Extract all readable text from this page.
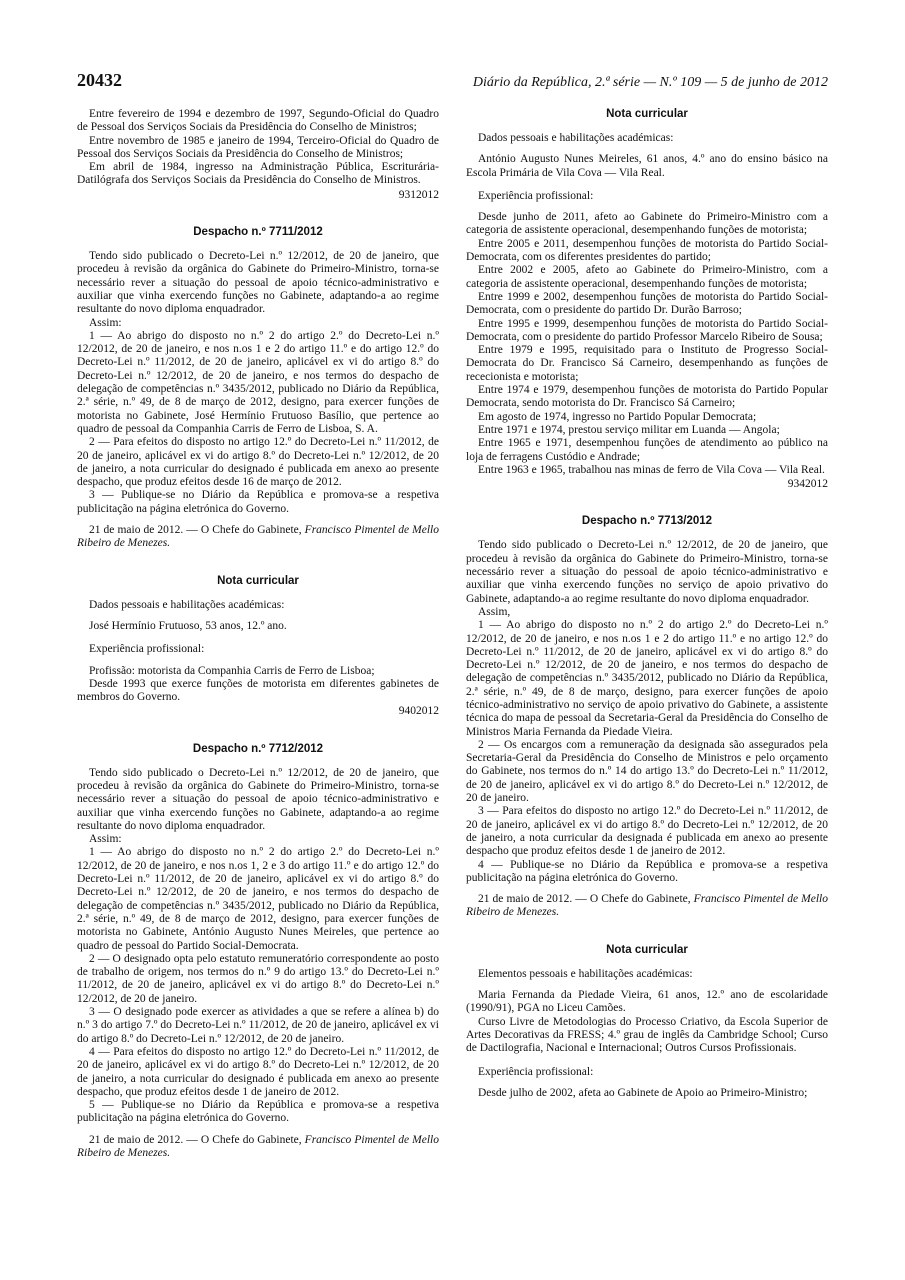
20432	Diário da República, 2.ª série — N.º 109 — 5 de junho de 2012

Entre fevereiro de 1994 e dezembro de 1997, Segundo-Oficial do Quadro de Pessoal dos Serviços Sociais da Presidência do Conselho de Ministros;

Entre novembro de 1985 e janeiro de 1994, Terceiro-Oficial do Quadro de Pessoal dos Serviços Sociais da Presidência do Conselho de Ministros;

Em abril de 1984, ingresso na Administração Pública, Escriturária-Datilógrafa dos Serviços Sociais da Presidência do Conselho de Ministros.

9312012

Despacho n.º 7711/2012

Tendo sido publicado o Decreto-Lei n.º 12/2012, de 20 de janeiro, que procedeu à revisão da orgânica do Gabinete do Primeiro-Ministro, torna-se necessário rever a situação do pessoal de apoio técnico-administrativo e auxiliar que vinha exercendo funções no Gabinete, adaptando-a ao regime resultante do novo diploma enquadrador.

Assim:

1 — Ao abrigo do disposto no n.º 2 do artigo 2.º do Decreto-Lei n.º 12/2012, de 20 de janeiro, e nos n.os 1 e 2 do artigo 11.º e do artigo 12.º do Decreto-Lei n.º 11/2012, de 20 de janeiro, aplicável ex vi do artigo 8.º do Decreto-Lei n.º 12/2012, de 20 de janeiro, e nos termos do despacho de delegação de competências n.º 3435/2012, publicado no Diário da República, 2.ª série, n.º 49, de 8 de março de 2012, designo, para exercer funções de motorista no Gabinete, José Hermínio Frutuoso Basílio, que pertence ao quadro de pessoal da Companhia Carris de Ferro de Lisboa, S. A.

2 — Para efeitos do disposto no artigo 12.º do Decreto-Lei n.º 11/2012, de 20 de janeiro, aplicável ex vi do artigo 8.º do Decreto-Lei n.º 12/2012, de 20 de janeiro, a nota curricular do designado é publicada em anexo ao presente despacho, que produz efeitos desde 16 de março de 2012.

3 — Publique-se no Diário da República e promova-se a respetiva publicitação na página eletrónica do Governo.

21 de maio de 2012. — O Chefe do Gabinete, Francisco Pimentel de Mello Ribeiro de Menezes.

Nota curricular

Dados pessoais e habilitações académicas:

José Hermínio Frutuoso, 53 anos, 12.º ano.

Experiência profissional:

Profissão: motorista da Companhia Carris de Ferro de Lisboa;

Desde 1993 que exerce funções de motorista em diferentes gabinetes de membros do Governo.

9402012

Despacho n.º 7712/2012

Tendo sido publicado o Decreto-Lei n.º 12/2012, de 20 de janeiro, que procedeu à revisão da orgânica do Gabinete do Primeiro-Ministro, torna-se necessário rever a situação do pessoal de apoio técnico-administrativo e auxiliar que vinha exercendo funções no Gabinete, adaptando-a ao regime resultante do novo diploma enquadrador.

Assim:

1 — Ao abrigo do disposto no n.º 2 do artigo 2.º do Decreto-Lei n.º 12/2012, de 20 de janeiro, e nos n.os 1, 2 e 3 do artigo 11.º e do artigo 12.º do Decreto-Lei n.º 11/2012, de 20 de janeiro, aplicável ex vi do artigo 8.º do Decreto-Lei n.º 12/2012, de 20 de janeiro, e nos termos do despacho de delegação de competências n.º 3435/2012, publicado no Diário da República, 2.ª série, n.º 49, de 8 de março de 2012, designo, para exercer funções de motorista no Gabinete, António Augusto Nunes Meireles, que pertence ao quadro de pessoal do Partido Social-Democrata.

2 — O designado opta pelo estatuto remuneratório correspondente ao posto de trabalho de origem, nos termos do n.º 9 do artigo 13.º do Decreto-Lei n.º 11/2012, de 20 de janeiro, aplicável ex vi do artigo 8.º do Decreto-Lei n.º 12/2012, de 20 de janeiro.

3 — O designado pode exercer as atividades a que se refere a alínea b) do n.º 3 do artigo 7.º do Decreto-Lei n.º 11/2012, de 20 de janeiro, aplicável ex vi do artigo 8.º do Decreto-Lei n.º 12/2012, de 20 de janeiro.

4 — Para efeitos do disposto no artigo 12.º do Decreto-Lei n.º 11/2012, de 20 de janeiro, aplicável ex vi do artigo 8.º do Decreto-Lei n.º 12/2012, de 20 de janeiro, a nota curricular do designado é publicada em anexo ao presente despacho, que produz efeitos desde 1 de janeiro de 2012.

5 — Publique-se no Diário da República e promova-se a respetiva publicitação na página eletrónica do Governo.

21 de maio de 2012. — O Chefe do Gabinete, Francisco Pimentel de Mello Ribeiro de Menezes.

Nota curricular

Dados pessoais e habilitações académicas:

António Augusto Nunes Meireles, 61 anos, 4.º ano do ensino básico na Escola Primária de Vila Cova — Vila Real.

Experiência profissional:

Desde junho de 2011, afeto ao Gabinete do Primeiro-Ministro com a categoria de assistente operacional, desempenhando funções de motorista;

Entre 2005 e 2011, desempenhou funções de motorista do Partido Social-Democrata, com os diferentes presidentes do partido;

Entre 2002 e 2005, afeto ao Gabinete do Primeiro-Ministro, com a categoria de assistente operacional, desempenhando funções de motorista;

Entre 1999 e 2002, desempenhou funções de motorista do Partido Social-Democrata, com o presidente do partido Dr. Durão Barroso;

Entre 1995 e 1999, desempenhou funções de motorista do Partido Social-Democrata, com o presidente do partido Professor Marcelo Ribeiro de Sousa;

Entre 1979 e 1995, requisitado para o Instituto de Progresso Social-Democrata do Dr. Francisco Sá Carneiro, desempenhando as funções de rececionista e motorista;

Entre 1974 e 1979, desempenhou funções de motorista do Partido Popular Democrata, sendo motorista do Dr. Francisco Sá Carneiro;

Em agosto de 1974, ingresso no Partido Popular Democrata;

Entre 1971 e 1974, prestou serviço militar em Luanda — Angola;

Entre 1965 e 1971, desempenhou funções de atendimento ao público na loja de ferragens Custódio e Andrade;

Entre 1963 e 1965, trabalhou nas minas de ferro de Vila Cova — Vila Real.

9342012

Despacho n.º 7713/2012

Tendo sido publicado o Decreto-Lei n.º 12/2012, de 20 de janeiro, que procedeu à revisão da orgânica do Gabinete do Primeiro-Ministro, torna-se necessário rever a situação do pessoal de apoio técnico-administrativo e auxiliar que vinha exercendo funções no serviço de apoio privativo do Gabinete, adaptando-a ao regime resultante do novo diploma enquadrador.

Assim,

1 — Ao abrigo do disposto no n.º 2 do artigo 2.º do Decreto-Lei n.º 12/2012, de 20 de janeiro, e nos n.os 1 e 2 do artigo 11.º e no artigo 12.º do Decreto-Lei n.º 11/2012, de 20 de janeiro, aplicável ex vi do artigo 8.º do Decreto-Lei n.º 12/2012, de 20 de janeiro, e nos termos do despacho de delegação de competências n.º 3435/2012, publicado no Diário da República, 2.ª série, n.º 49, de 8 de março, designo, para exercer funções de apoio técnico-administrativo no serviço de apoio privativo do Gabinete, a assistente técnica do mapa de pessoal da Secretaria-Geral da Presidência do Conselho de Ministros Maria Fernanda da Piedade Vieira.

2 — Os encargos com a remuneração da designada são assegurados pela Secretaria-Geral da Presidência do Conselho de Ministros e pelo orçamento do Gabinete, nos termos do n.º 14 do artigo 13.º do Decreto-Lei n.º 11/2012, de 20 de janeiro, aplicável ex vi do artigo 8.º do Decreto-Lei n.º 12/2012, de 20 de janeiro.

3 — Para efeitos do disposto no artigo 12.º do Decreto-Lei n.º 11/2012, de 20 de janeiro, aplicável ex vi do artigo 8.º do Decreto-Lei n.º 12/2012, de 20 de janeiro, a nota curricular da designada é publicada em anexo ao presente despacho que produz efeitos desde 1 de janeiro de 2012.

4 — Publique-se no Diário da República e promova-se a respetiva publicitação na página eletrónica do Governo.

21 de maio de 2012. — O Chefe do Gabinete, Francisco Pimentel de Mello Ribeiro de Menezes.

Nota curricular

Elementos pessoais e habilitações académicas:

Maria Fernanda da Piedade Vieira, 61 anos, 12.º ano de escolaridade (1990/91), PGA no Liceu Camões.

Curso Livre de Metodologias do Processo Criativo, da Escola Superior de Artes Decorativas da FRESS; 4.º grau de inglês da Cambridge School; Curso de Dactilografia, Nacional e Internacional; Outros Cursos Profissionais.

Experiência profissional:

Desde julho de 2002, afeta ao Gabinete de Apoio ao Primeiro-Ministro;
